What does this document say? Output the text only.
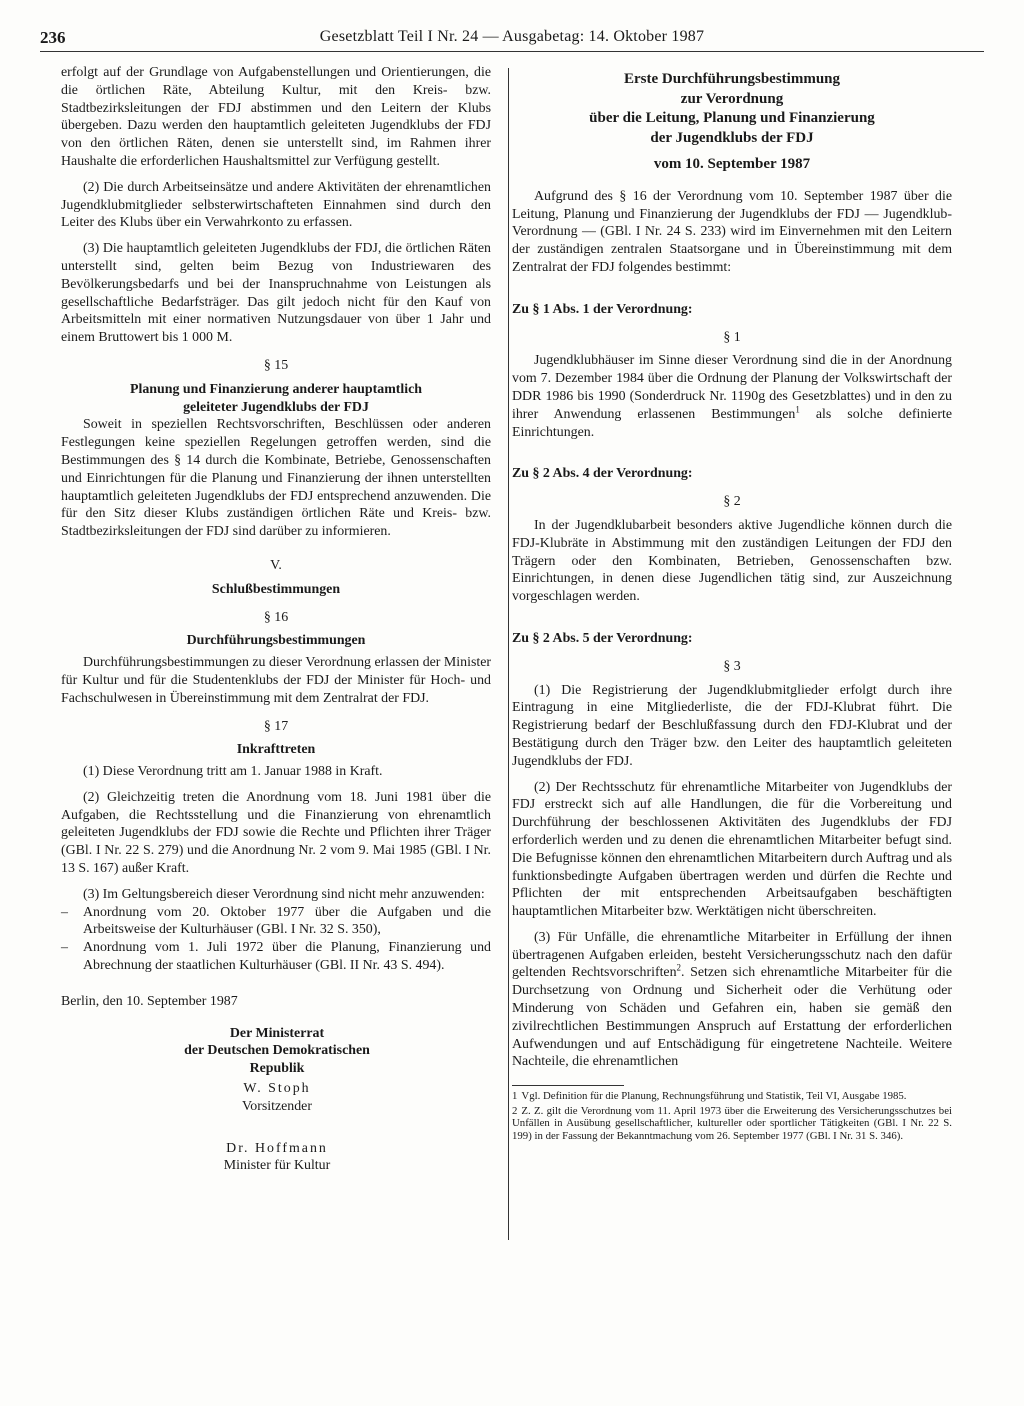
236	Gesetzblatt Teil I Nr. 24 — Ausgabetag: 14. Oktober 1987

erfolgt auf der Grundlage von Aufgabenstellungen und Orientierungen, die die örtlichen Räte, Abteilung Kultur, mit den Kreis- bzw. Stadtbezirksleitungen der FDJ abstimmen und den Leitern der Klubs übergeben. Dazu werden den hauptamtlich geleiteten Jugendklubs der FDJ von den örtlichen Räten, denen sie unterstellt sind, im Rahmen ihrer Haushalte die erforderlichen Haushaltsmittel zur Verfügung gestellt.

(2) Die durch Arbeitseinsätze und andere Aktivitäten der ehrenamtlichen Jugendklubmitglieder selbsterwirtschafteten Einnahmen sind durch den Leiter des Klubs über ein Verwahrkonto zu erfassen.

(3) Die hauptamtlich geleiteten Jugendklubs der FDJ, die örtlichen Räten unterstellt sind, gelten beim Bezug von Industriewaren des Bevölkerungsbedarfs und bei der Inanspruchnahme von Leistungen als gesellschaftliche Bedarfsträger. Das gilt jedoch nicht für den Kauf von Arbeitsmitteln mit einer normativen Nutzungsdauer von über 1 Jahr und einem Bruttowert bis 1 000 M.

§ 15
Planung und Finanzierung anderer hauptamtlich
geleiteter Jugendklubs der FDJ

Soweit in speziellen Rechtsvorschriften, Beschlüssen oder anderen Festlegungen keine speziellen Regelungen getroffen werden, sind die Bestimmungen des § 14 durch die Kombinate, Betriebe, Genossenschaften und Einrichtungen für die Planung und Finanzierung der ihnen unterstellten hauptamtlich geleiteten Jugendklubs der FDJ entsprechend anzuwenden. Die für den Sitz dieser Klubs zuständigen örtlichen Räte und Kreis- bzw. Stadtbezirksleitungen der FDJ sind darüber zu informieren.

V.
Schlußbestimmungen
§ 16
Durchführungsbestimmungen

Durchführungsbestimmungen zu dieser Verordnung erlassen der Minister für Kultur und für die Studentenklubs der FDJ der Minister für Hoch- und Fachschulwesen in Übereinstimmung mit dem Zentralrat der FDJ.

§ 17
Inkrafttreten

(1) Diese Verordnung tritt am 1. Januar 1988 in Kraft.

(2) Gleichzeitig treten die Anordnung vom 18. Juni 1981 über die Aufgaben, die Rechtsstellung und die Finanzierung von ehrenamtlich geleiteten Jugendklubs der FDJ sowie die Rechte und Pflichten ihrer Träger (GBl. I Nr. 22 S. 279) und die Anordnung Nr. 2 vom 9. Mai 1985 (GBl. I Nr. 13 S. 167) außer Kraft.

(3) Im Geltungsbereich dieser Verordnung sind nicht mehr anzuwenden:

– Anordnung vom 20. Oktober 1977 über die Aufgaben und die Arbeitsweise der Kulturhäuser (GBl. I Nr. 32 S. 350),
– Anordnung vom 1. Juli 1972 über die Planung, Finanzierung und Abrechnung der staatlichen Kulturhäuser (GBl. II Nr. 43 S. 494).

Berlin, den 10. September 1987

Der Ministerrat
der Deutschen Demokratischen Republik
W. Stoph
Vorsitzender
Dr. Hoffmann
Minister für Kultur
Erste Durchführungsbestimmung
zur Verordnung
über die Leitung, Planung und Finanzierung
der Jugendklubs der FDJ
vom 10. September 1987

Aufgrund des § 16 der Verordnung vom 10. September 1987 über die Leitung, Planung und Finanzierung der Jugendklubs der FDJ — Jugendklub-Verordnung — (GBl. I Nr. 24 S. 233) wird im Einvernehmen mit den Leitern der zuständigen zentralen Staatsorgane und in Übereinstimmung mit dem Zentralrat der FDJ folgendes bestimmt:

Zu § 1 Abs. 1 der Verordnung:

§ 1

Jugendklubhäuser im Sinne dieser Verordnung sind die in der Anordnung vom 7. Dezember 1984 über die Ordnung der Planung der Volkswirtschaft der DDR 1986 bis 1990 (Sonderdruck Nr. 1190g des Gesetzblattes) und in den zu ihrer Anwendung erlassenen Bestimmungen$^1$ als solche definierte Einrichtungen.

Zu § 2 Abs. 4 der Verordnung:

§ 2

In der Jugendklubarbeit besonders aktive Jugendliche können durch die FDJ-Klubräte in Abstimmung mit den zuständigen Leitungen der FDJ den Trägern oder den Kombinaten, Betrieben, Genossenschaften bzw. Einrichtungen, in denen diese Jugendlichen tätig sind, zur Auszeichnung vorgeschlagen werden.

Zu § 2 Abs. 5 der Verordnung:

§ 3

(1) Die Registrierung der Jugendklubmitglieder erfolgt durch ihre Eintragung in eine Mitgliederliste, die der FDJ-Klubrat führt. Die Registrierung bedarf der Beschlußfassung durch den FDJ-Klubrat und der Bestätigung durch den Träger bzw. den Leiter des hauptamtlich geleiteten Jugendklubs der FDJ.

(2) Der Rechtsschutz für ehrenamtliche Mitarbeiter von Jugendklubs der FDJ erstreckt sich auf alle Handlungen, die für die Vorbereitung und Durchführung der beschlossenen Aktivitäten des Jugendklubs der FDJ erforderlich werden und zu denen die ehrenamtlichen Mitarbeiter befugt sind. Die Befugnisse können den ehrenamtlichen Mitarbeitern durch Auftrag und als funktionsbedingte Aufgaben übertragen werden und dürfen die Rechte und Pflichten der mit entsprechenden Arbeitsaufgaben beschäftigten hauptamtlichen Mitarbeiter bzw. Werktätigen nicht überschreiten.

(3) Für Unfälle, die ehrenamtliche Mitarbeiter in Erfüllung der ihnen übertragenen Aufgaben erleiden, besteht Versicherungsschutz nach den dafür geltenden Rechtsvorschriften$^2$. Setzen sich ehrenamtliche Mitarbeiter für die Durchsetzung von Ordnung und Sicherheit oder die Verhütung oder Minderung von Schäden und Gefahren ein, haben sie gemäß den zivilrechtlichen Bestimmungen Anspruch auf Erstattung der erforderlichen Aufwendungen und auf Entschädigung für eingetretene Nachteile. Weitere Nachteile, die ehrenamtlichen

1 Vgl. Definition für die Planung, Rechnungsführung und Statistik, Teil VI, Ausgabe 1985.

2 Z. Z. gilt die Verordnung vom 11. April 1973 über die Erweiterung des Versicherungsschutzes bei Unfällen in Ausübung gesellschaftlicher, kultureller oder sportlicher Tätigkeiten (GBl. I Nr. 22 S. 199) in der Fassung der Bekanntmachung vom 26. September 1977 (GBl. I Nr. 31 S. 346).
